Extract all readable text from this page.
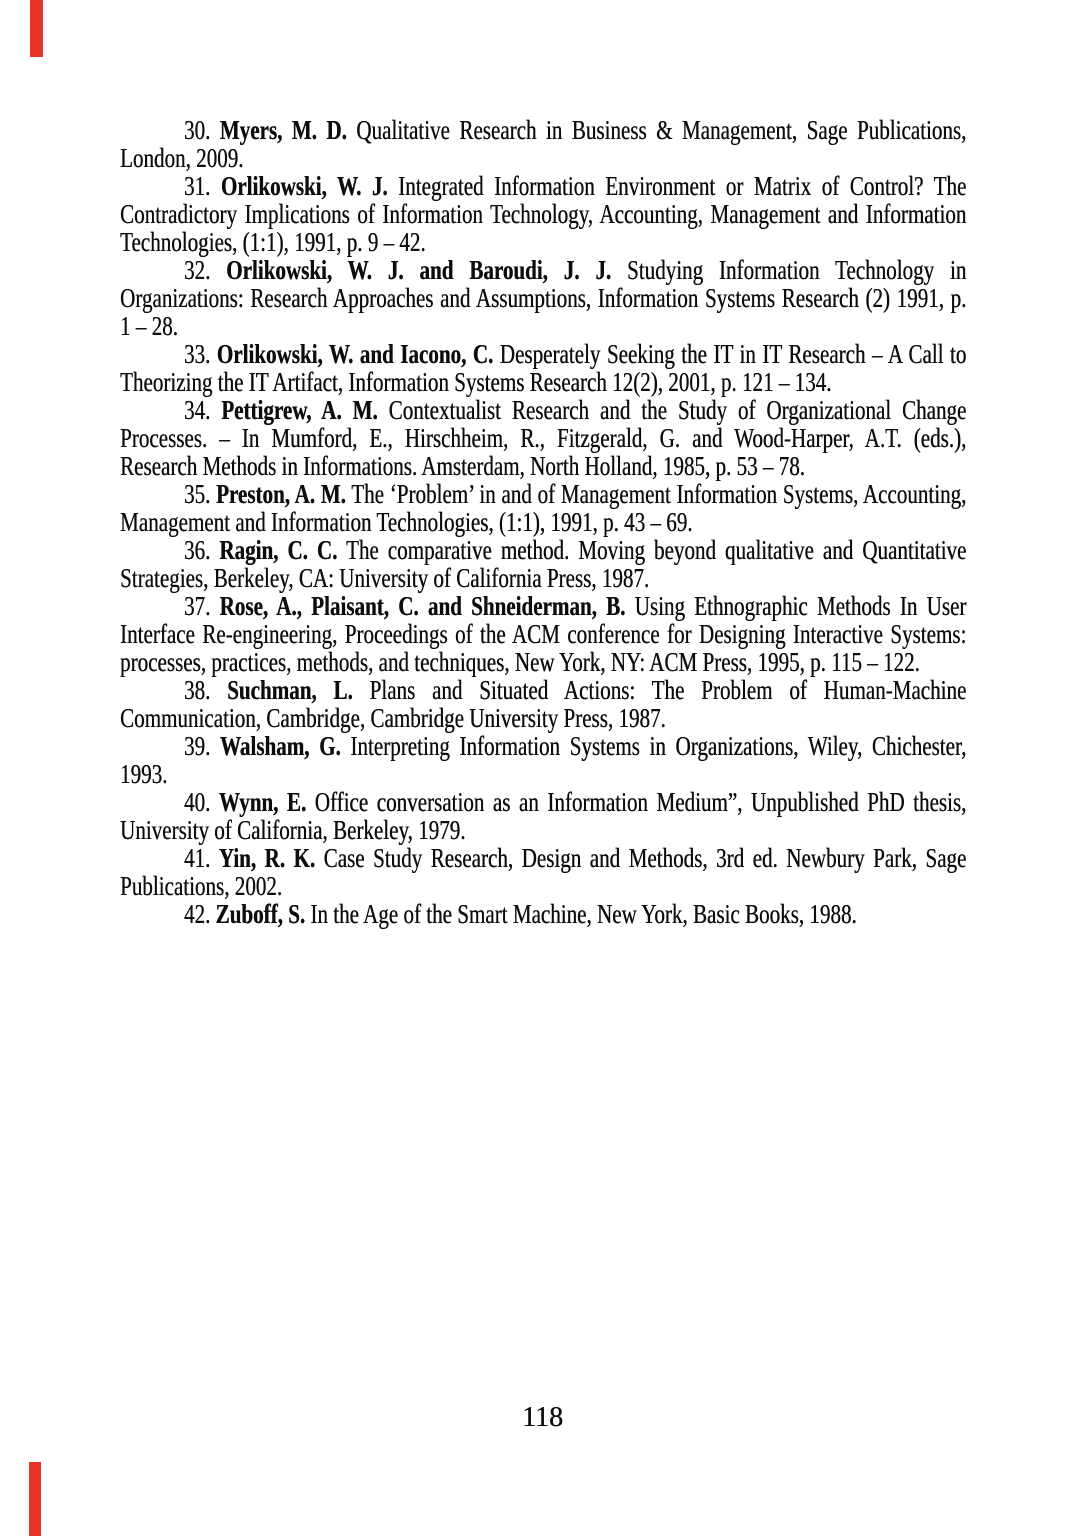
30. Myers, M. D. Qualitative Research in Business & Management, Sage Publications, London, 2009.

31. Orlikowski, W. J. Integrated Information Environment or Matrix of Control? The Contradictory Implications of Information Technology, Accounting, Management and Information Technologies, (1:1), 1991, p. 9 – 42.

32. Orlikowski, W. J. and Baroudi, J. J. Studying Information Technology in Organizations: Research Approaches and Assumptions, Information Systems Research (2) 1991, p. 1 – 28.

33. Orlikowski, W. and Iacono, C. Desperately Seeking the IT in IT Research – A Call to Theorizing the IT Artifact, Information Systems Research 12(2), 2001, p. 121 – 134.

34. Pettigrew, A. M. Contextualist Research and the Study of Organizational Change Processes. – In Mumford, E., Hirschheim, R., Fitzgerald, G. and Wood-Harper, A.T. (eds.), Research Methods in Informations. Amsterdam, North Holland, 1985, p. 53 – 78.

35. Preston, A. M. The ‘Problem’ in and of Management Information Systems, Accounting, Management and Information Technologies, (1:1), 1991, p. 43 – 69.

36. Ragin, C. C. The comparative method. Moving beyond qualitative and Quantitative Strategies, Berkeley, CA: University of California Press, 1987.

37. Rose, A., Plaisant, C. and Shneiderman, B. Using Ethnographic Methods In User Interface Re-engineering, Proceedings of the ACM conference for Designing Interactive Systems: processes, practices, methods, and techniques, New York, NY: ACM Press, 1995, p. 115 – 122.

38. Suchman, L. Plans and Situated Actions: The Problem of Human-Machine Communication, Cambridge, Cambridge University Press, 1987.

39. Walsham, G. Interpreting Information Systems in Organizations, Wiley, Chichester, 1993.

40. Wynn, E. Office conversation as an Information Medium”, Unpublished PhD thesis, University of California, Berkeley, 1979.

41. Yin, R. K. Case Study Research, Design and Methods, 3rd ed. Newbury Park, Sage Publications, 2002.

42. Zuboff, S. In the Age of the Smart Machine, New York, Basic Books, 1988.

118
